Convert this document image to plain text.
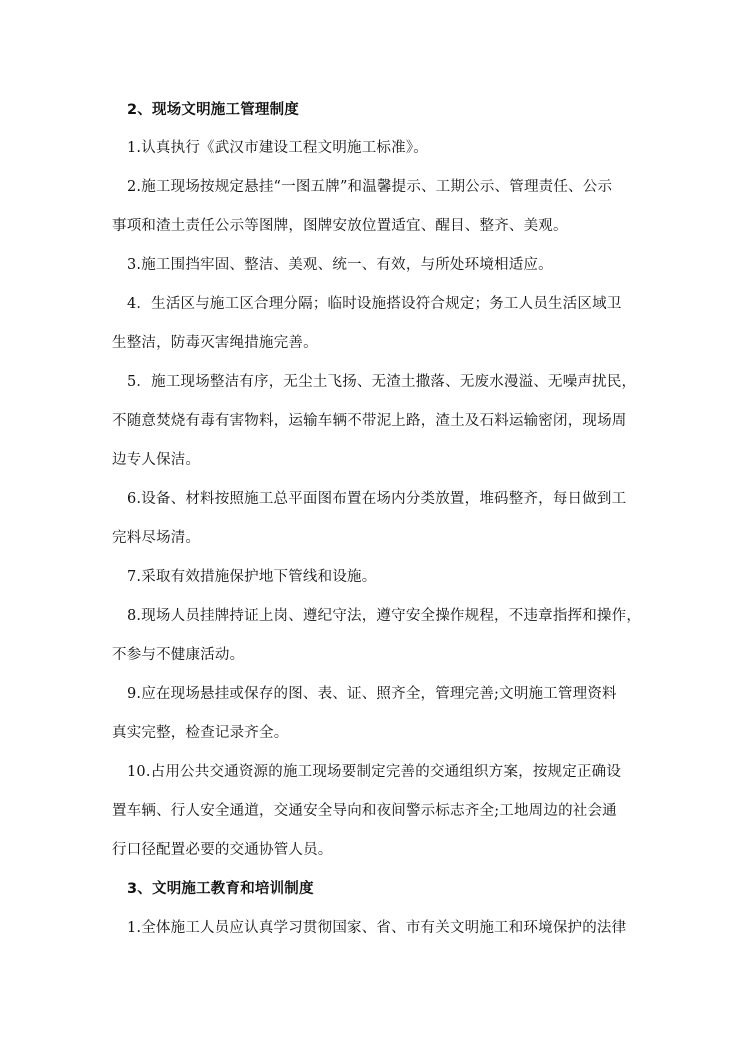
2、现场文明施工管理制度
1.认真执行《武汉市建设工程文明施工标准》。
2.施工现场按规定悬挂“一图五牌”和温馨提示、工期公示、管理责任、公示
事项和渣土责任公示等图牌，图牌安放位置适宜、醒目、整齐、美观。
3.施工围挡牢固、整洁、美观、统一、有效，与所处环境相适应。
4．生活区与施工区合理分隔；临时设施搭设符合规定；务工人员生活区域卫
生整洁，防毒灭害绳措施完善。
5．施工现场整洁有序，无尘土飞扬、无渣土撒落、无废水漫溢、无噪声扰民，
不随意焚烧有毒有害物料，运输车辆不带泥上路，渣土及石料运输密闭，现场周
边专人保洁。
6.设备、材料按照施工总平面图布置在场内分类放置，堆码整齐，每日做到工
完料尽场清。
7.采取有效措施保护地下管线和设施。
8.现场人员挂牌持证上岗、遵纪守法，遵守安全操作规程，不违章指挥和操作，
不参与不健康活动。
9.应在现场悬挂或保存的图、表、证、照齐全，管理完善;文明施工管理资料
真实完整，检查记录齐全。
10.占用公共交通资源的施工现场要制定完善的交通组织方案，按规定正确设
置车辆、行人安全通道，交通安全导向和夜间警示标志齐全;工地周边的社会通
行口径配置必要的交通协管人员。
3、文明施工教育和培训制度
1.全体施工人员应认真学习贯彻国家、省、市有关文明施工和环境保护的法律
